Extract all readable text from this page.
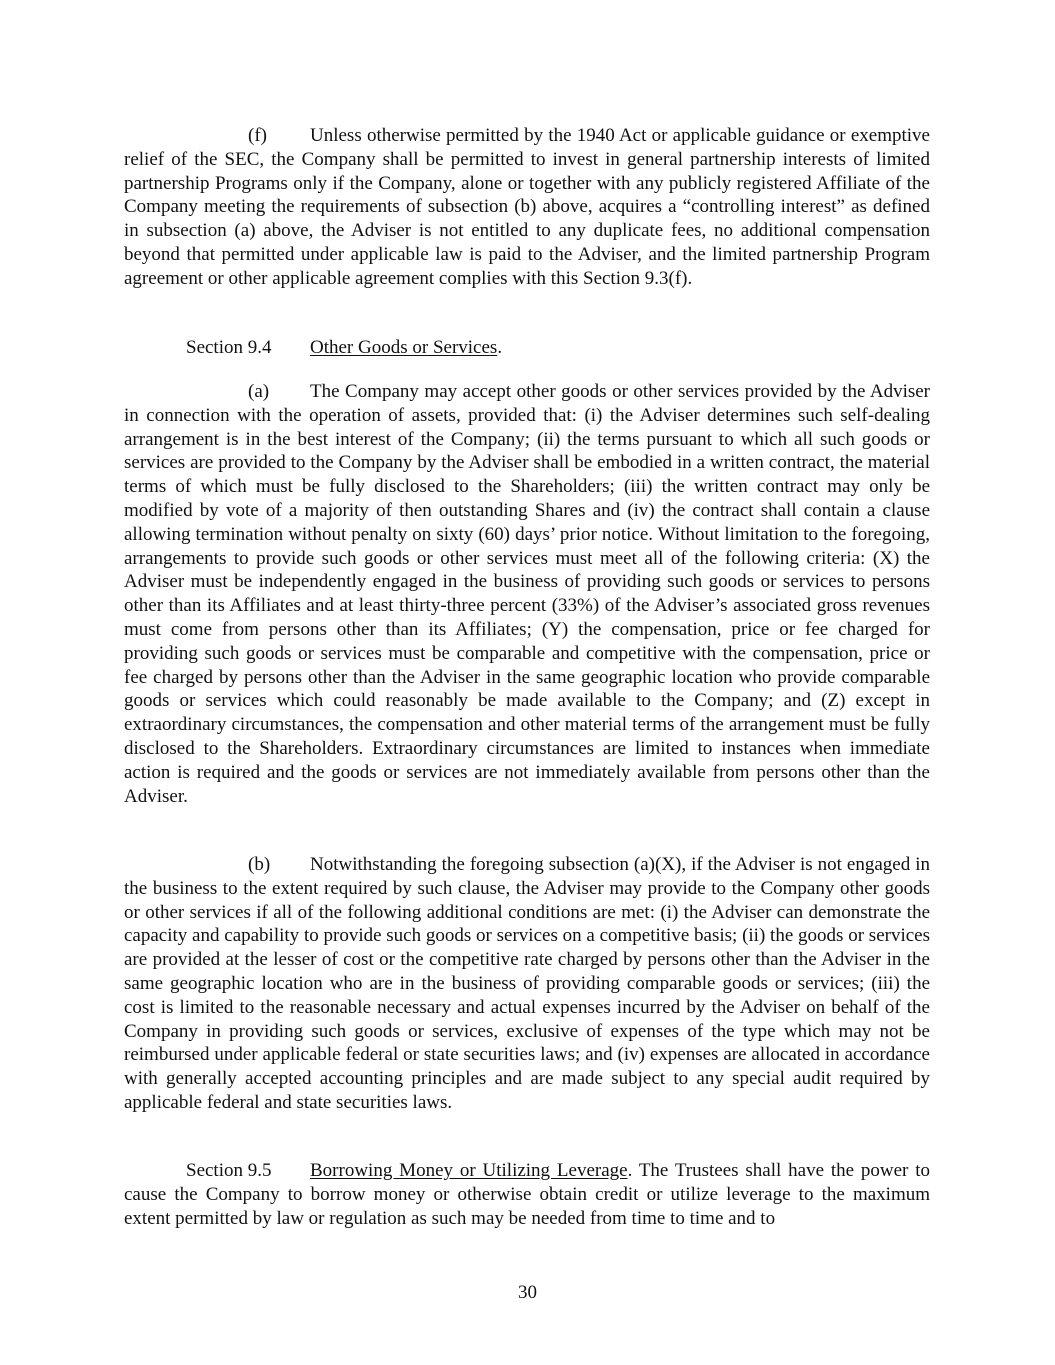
(f) Unless otherwise permitted by the 1940 Act or applicable guidance or exemptive relief of the SEC, the Company shall be permitted to invest in general partnership interests of limited partnership Programs only if the Company, alone or together with any publicly registered Affiliate of the Company meeting the requirements of subsection (b) above, acquires a “controlling interest” as defined in subsection (a) above, the Adviser is not entitled to any duplicate fees, no additional compensation beyond that permitted under applicable law is paid to the Adviser, and the limited partnership Program agreement or other applicable agreement complies with this Section 9.3(f).

Section 9.4 Other Goods or Services.

(a) The Company may accept other goods or other services provided by the Adviser in connection with the operation of assets, provided that: (i) the Adviser determines such self-dealing arrangement is in the best interest of the Company; (ii) the terms pursuant to which all such goods or services are provided to the Company by the Adviser shall be embodied in a written contract, the material terms of which must be fully disclosed to the Shareholders; (iii) the written contract may only be modified by vote of a majority of then outstanding Shares and (iv) the contract shall contain a clause allowing termination without penalty on sixty (60) days’ prior notice. Without limitation to the foregoing, arrangements to provide such goods or other services must meet all of the following criteria: (X) the Adviser must be independently engaged in the business of providing such goods or services to persons other than its Affiliates and at least thirty-three percent (33%) of the Adviser’s associated gross revenues must come from persons other than its Affiliates; (Y) the compensation, price or fee charged for providing such goods or services must be comparable and competitive with the compensation, price or fee charged by persons other than the Adviser in the same geographic location who provide comparable goods or services which could reasonably be made available to the Company; and (Z) except in extraordinary circumstances, the compensation and other material terms of the arrangement must be fully disclosed to the Shareholders. Extraordinary circumstances are limited to instances when immediate action is required and the goods or services are not immediately available from persons other than the Adviser.

(b) Notwithstanding the foregoing subsection (a)(X), if the Adviser is not engaged in the business to the extent required by such clause, the Adviser may provide to the Company other goods or other services if all of the following additional conditions are met: (i) the Adviser can demonstrate the capacity and capability to provide such goods or services on a competitive basis; (ii) the goods or services are provided at the lesser of cost or the competitive rate charged by persons other than the Adviser in the same geographic location who are in the business of providing comparable goods or services; (iii) the cost is limited to the reasonable necessary and actual expenses incurred by the Adviser on behalf of the Company in providing such goods or services, exclusive of expenses of the type which may not be reimbursed under applicable federal or state securities laws; and (iv) expenses are allocated in accordance with generally accepted accounting principles and are made subject to any special audit required by applicable federal and state securities laws.

Section 9.5 Borrowing Money or Utilizing Leverage. The Trustees shall have the power to cause the Company to borrow money or otherwise obtain credit or utilize leverage to the maximum extent permitted by law or regulation as such may be needed from time to time and to

30
